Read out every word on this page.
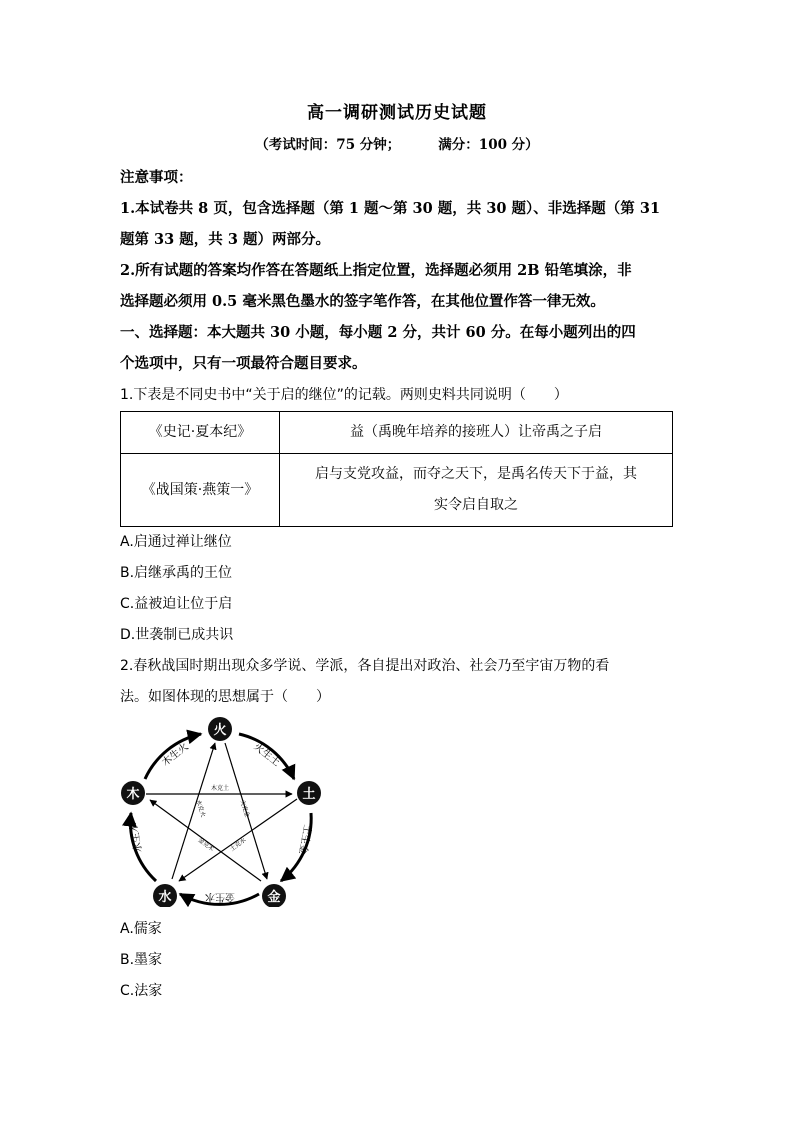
高一调研测试历史试题
（考试时间：75 分钟；	满分：100 分）
注意事项：
1.本试卷共 8 页，包含选择题（第 1 题～第 30 题，共 30 题）、非选择题（第 31
题第 33 题，共 3 题）两部分。
2.所有试题的答案均作答在答题纸上指定位置，选择题必须用 2B 铅笔填涂，非
选择题必须用 0.5 毫米黑色墨水的签字笔作答，在其他位置作答一律无效。
一、选择题：本大题共 30 小题，每小题 2 分，共计 60 分。在每小题列出的四
个选项中，只有一项最符合题目要求。
1.下表是不同史书中“关于启的继位”的记载。两则史料共同说明（　　）
《史记·夏本纪》	益（禹晚年培养的接班人）让帝禹之子启

《战国策·燕策一》	启与支党攻益，而夺之天下，是禹名传天下于益，其
实令启自取之
A.启通过禅让继位
B.启继承禹的王位
C.益被迫让位于启
D.世袭制已成共识
2.春秋战国时期出现众多学说、学派，各自提出对政治、社会乃至宇宙万物的看
法。如图体现的思想属于（　　）
火
土
金
水
木
木生火	火生土
土生金
金生水
水生木
木克土
水克火	火克金
金克木 土克水
A.儒家
B.墨家
C.法家
